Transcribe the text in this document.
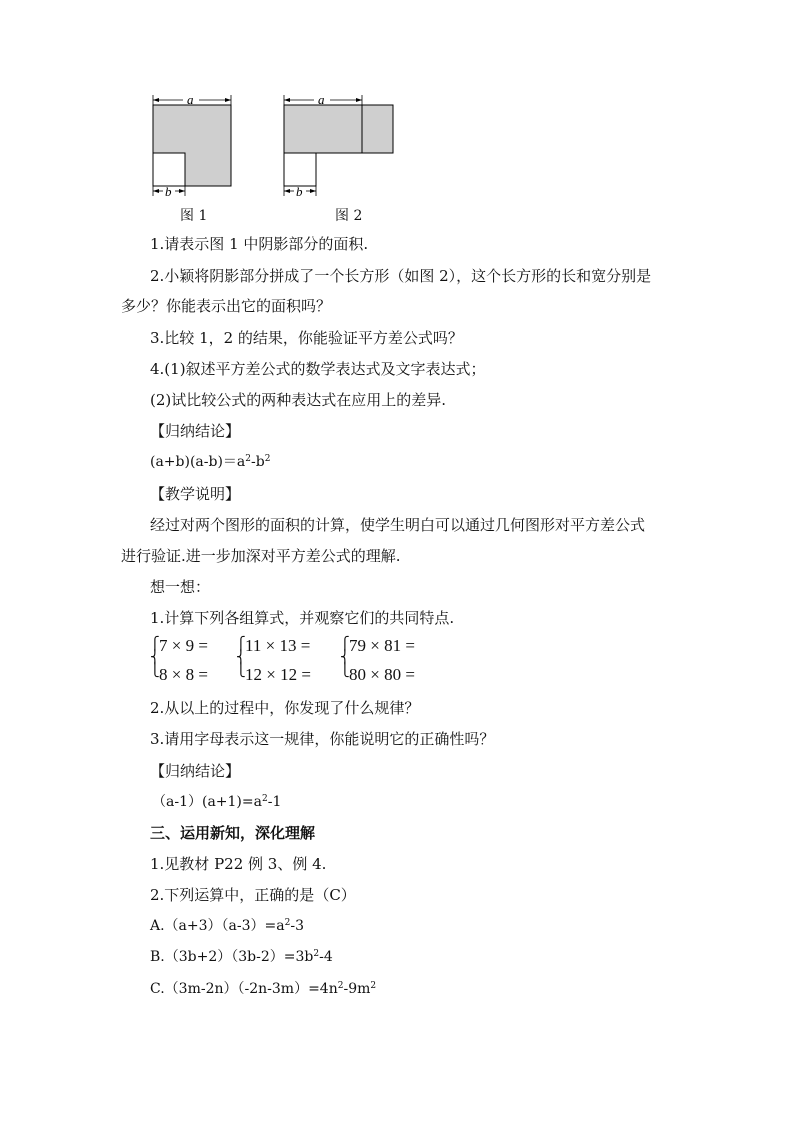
a
b
图 1
a
b
图 2
1.请表示图 1 中阴影部分的面积.
2.小颖将阴影部分拼成了一个长方形（如图 2），这个长方形的长和宽分别是
多少？你能表示出它的面积吗？
3.比较 1，2 的结果，你能验证平方差公式吗？
4.(1)叙述平方差公式的数学表达式及文字表达式；
(2)试比较公式的两种表达式在应用上的差异.
【归纳结论】
$(a+b)(a-b)=a^2-b^2$
【教学说明】
经过对两个图形的面积的计算，使学生明白可以通过几何图形对平方差公式
进行验证.进一步加深对平方差公式的理解.
想一想：
1.计算下列各组算式，并观察它们的共同特点.
⎧
⎨
⎩
7 × 9 =
8 × 8 =
⎧
⎨
⎩
11 × 13 =
12 × 12 =
⎧
⎨
⎩
79 × 81 =
80 × 80 =
2.从以上的过程中，你发现了什么规律？
3.请用字母表示这一规律，你能说明它的正确性吗？
【归纳结论】
$(a-1)(a+1)=a^2-1$
三、运用新知，深化理解
1.见教材 P22 例 3、例 4.
2.下列运算中，正确的是（C）
$A.(a+3)(a-3)=a^2-3$
$B.(3b+2)(3b-2)=3b^2-4$
$C.(3m-2n)(-2n-3m)=4n^2-9m^2$
